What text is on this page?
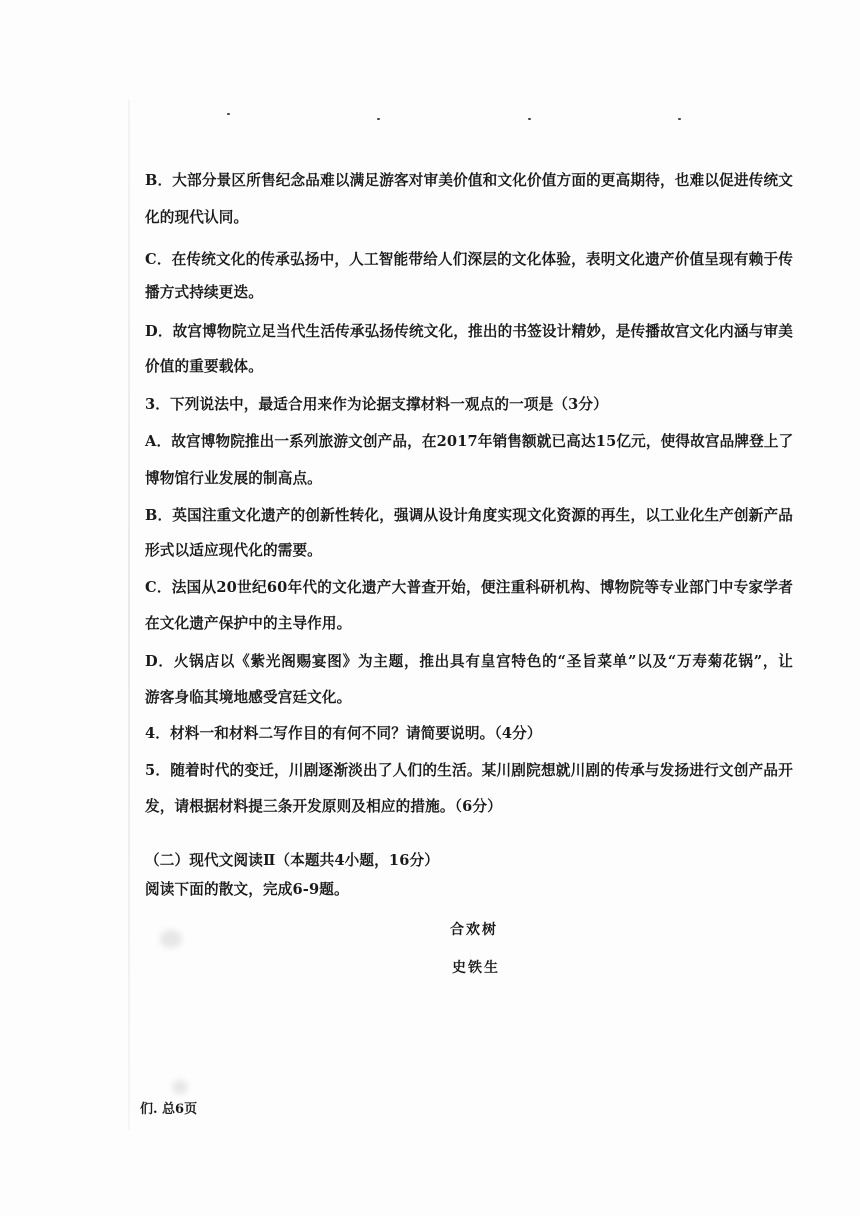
B．大部分景区所售纪念品难以满足游客对审美价值和文化价值方面的更高期待，也难以促进传统文
化的现代认同。
C．在传统文化的传承弘扬中，人工智能带给人们深层的文化体验，表明文化遗产价值呈现有赖于传
播方式持续更迭。
D．故宫博物院立足当代生活传承弘扬传统文化，推出的书签设计精妙，是传播故宫文化内涵与审美
价值的重要载体。
3．下列说法中，最适合用来作为论据支撑材料一观点的一项是（3分）
A．故宫博物院推出一系列旅游文创产品，在2017年销售额就已高达15亿元，使得故宫品牌登上了
博物馆行业发展的制高点。
B．英国注重文化遗产的创新性转化，强调从设计角度实现文化资源的再生，以工业化生产创新产品
形式以适应现代化的需要。
C．法国从20世纪60年代的文化遗产大普查开始，便注重科研机构、博物院等专业部门中专家学者
在文化遗产保护中的主导作用。
D．火锅店以《紫光阁赐宴图》为主题，推出具有皇宫特色的“圣旨菜单”以及“万寿菊花锅”，让
游客身临其境地感受宫廷文化。
4．材料一和材料二写作目的有何不同？请简要说明。（4分）
5．随着时代的变迁，川剧逐渐淡出了人们的生活。某川剧院想就川剧的传承与发扬进行文创产品开
发，请根据材料提三条开发原则及相应的措施。（6分）
（二）现代文阅读Ⅱ（本题共4小题，16分）
阅读下面的散文，完成6-9题。
合欢树
史铁生
们. 总6页
